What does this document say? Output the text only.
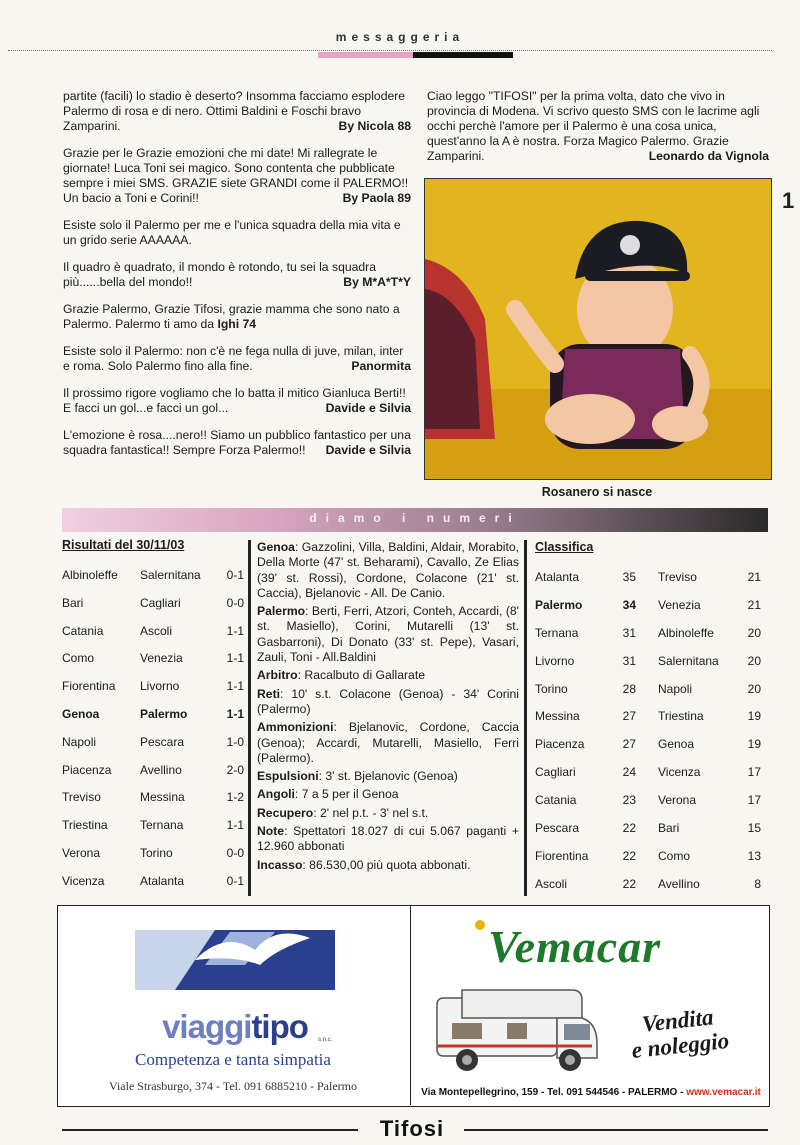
messaggeria
1
partite (facili) lo stadio è deserto? Insomma facciamo esplodere Palermo di rosa e di nero. Ottimi Baldini e Foschi bravo Zamparini.	By Nicola 88
Grazie per le Grazie emozioni che mi date! Mi rallegrate le giornate! Luca Toni sei magico. Sono contenta che pubblicate sempre i miei SMS. GRAZIE siete GRANDI come il PALERMO!! Un bacio a Toni e Corini!!	By Paola 89
Esiste solo il Palermo per me e l'unica squadra della mia vita e un grido serie AAAAAA.
Il quadro è quadrato, il mondo è rotondo, tu sei la squadra più......bella del mondo!!	By M*A*T*Y
Grazie Palermo, Grazie Tifosi, grazie mamma che sono nato a Palermo. Palermo ti amo da Ighi 74
Esiste solo il Palermo: non c'è ne fega nulla di juve, milan, inter e roma. Solo Palermo fino alla fine.	Panormita
Il prossimo rigore vogliamo che lo batta il mitico Gianluca Berti!! E facci un gol...e facci un gol...	Davide e Silvia
L'emozione è rosa....nero!! Siamo un pubblico fantastico per una squadra fantastica!! Sempre Forza Palermo!!	Davide e Silvia
Ciao leggo "TIFOSI" per la prima volta, dato che vivo in provincia di Modena. Vi scrivo questo SMS con le lacrime agli occhi perchè l'amore per il Palermo è una cosa unica, quest'anno la A è nostra. Forza Magico Palermo. Grazie Zamparini.	Leonardo da Vignola
Rosanero si nasce
diamo i numeri
Risultati del 30/11/03
Albinoleffe	Salernitana	0-1
Bari	Cagliari	0-0
Catania	Ascoli	1-1
Como	Venezia	1-1
Fiorentina	Livorno	1-1
Genoa	Palermo	1-1
Napoli	Pescara	1-0
Piacenza	Avellino	2-0
Treviso	Messina	1-2
Triestina	Ternana	1-1
Verona	Torino	0-0
Vicenza	Atalanta	0-1

Genoa: Gazzolini, Villa, Baldini, Aldair, Morabito, Della Morte (47' st. Beharami), Cavallo, Ze Elias (39' st. Rossi), Cordone, Colacone (21' st. Caccia), Bjelanovic - All. De Canio.

Palermo: Berti, Ferri, Atzori, Conteh, Accardi, (8' st. Masiello), Corini, Mutarelli (13' st. Gasbarroni), Di Donato (33' st. Pepe), Vasari, Zauli, Toni - All.Baldini

Arbitro: Racalbuto di Gallarate

Reti: 10' s.t. Colacone (Genoa) - 34' Corini (Palermo)

Ammonizioni: Bjelanovic, Cordone, Caccia (Genoa); Accardi, Mutarelli, Masiello, Ferri (Palermo).

Espulsioni: 3' st. Bjelanovic (Genoa)

Angoli: 7 a 5 per il Genoa

Recupero: 2' nel p.t. - 3' nel s.t.

Note: Spettatori 18.027 di cui 5.067 paganti + 12.960 abbonati

Incasso: 86.530,00 più quota abbonati.

Classifica
Atalanta	35 Treviso	21
Palermo	34 Venezia	21
Ternana	31 Albinoleffe	20
Livorno	31 Salernitana	20
Torino	28 Napoli	20
Messina	27 Triestina	19
Piacenza	27 Genoa	19
Cagliari	24 Vicenza	17
Catania	23 Verona	17
Pescara	22 Bari	15
Fiorentina	22 Como	13
Ascoli	22 Avellino	8
viaggitipo	s.n.c.
Competenza e tanta simpatia
Viale Strasburgo, 374 - Tel. 091 6885210 - Palermo
Vemacar
Vendita
e noleggio
Via Montepellegrino, 159 - Tel. 091 544546 - PALERMO - www.vemacar.it
Tifosi
